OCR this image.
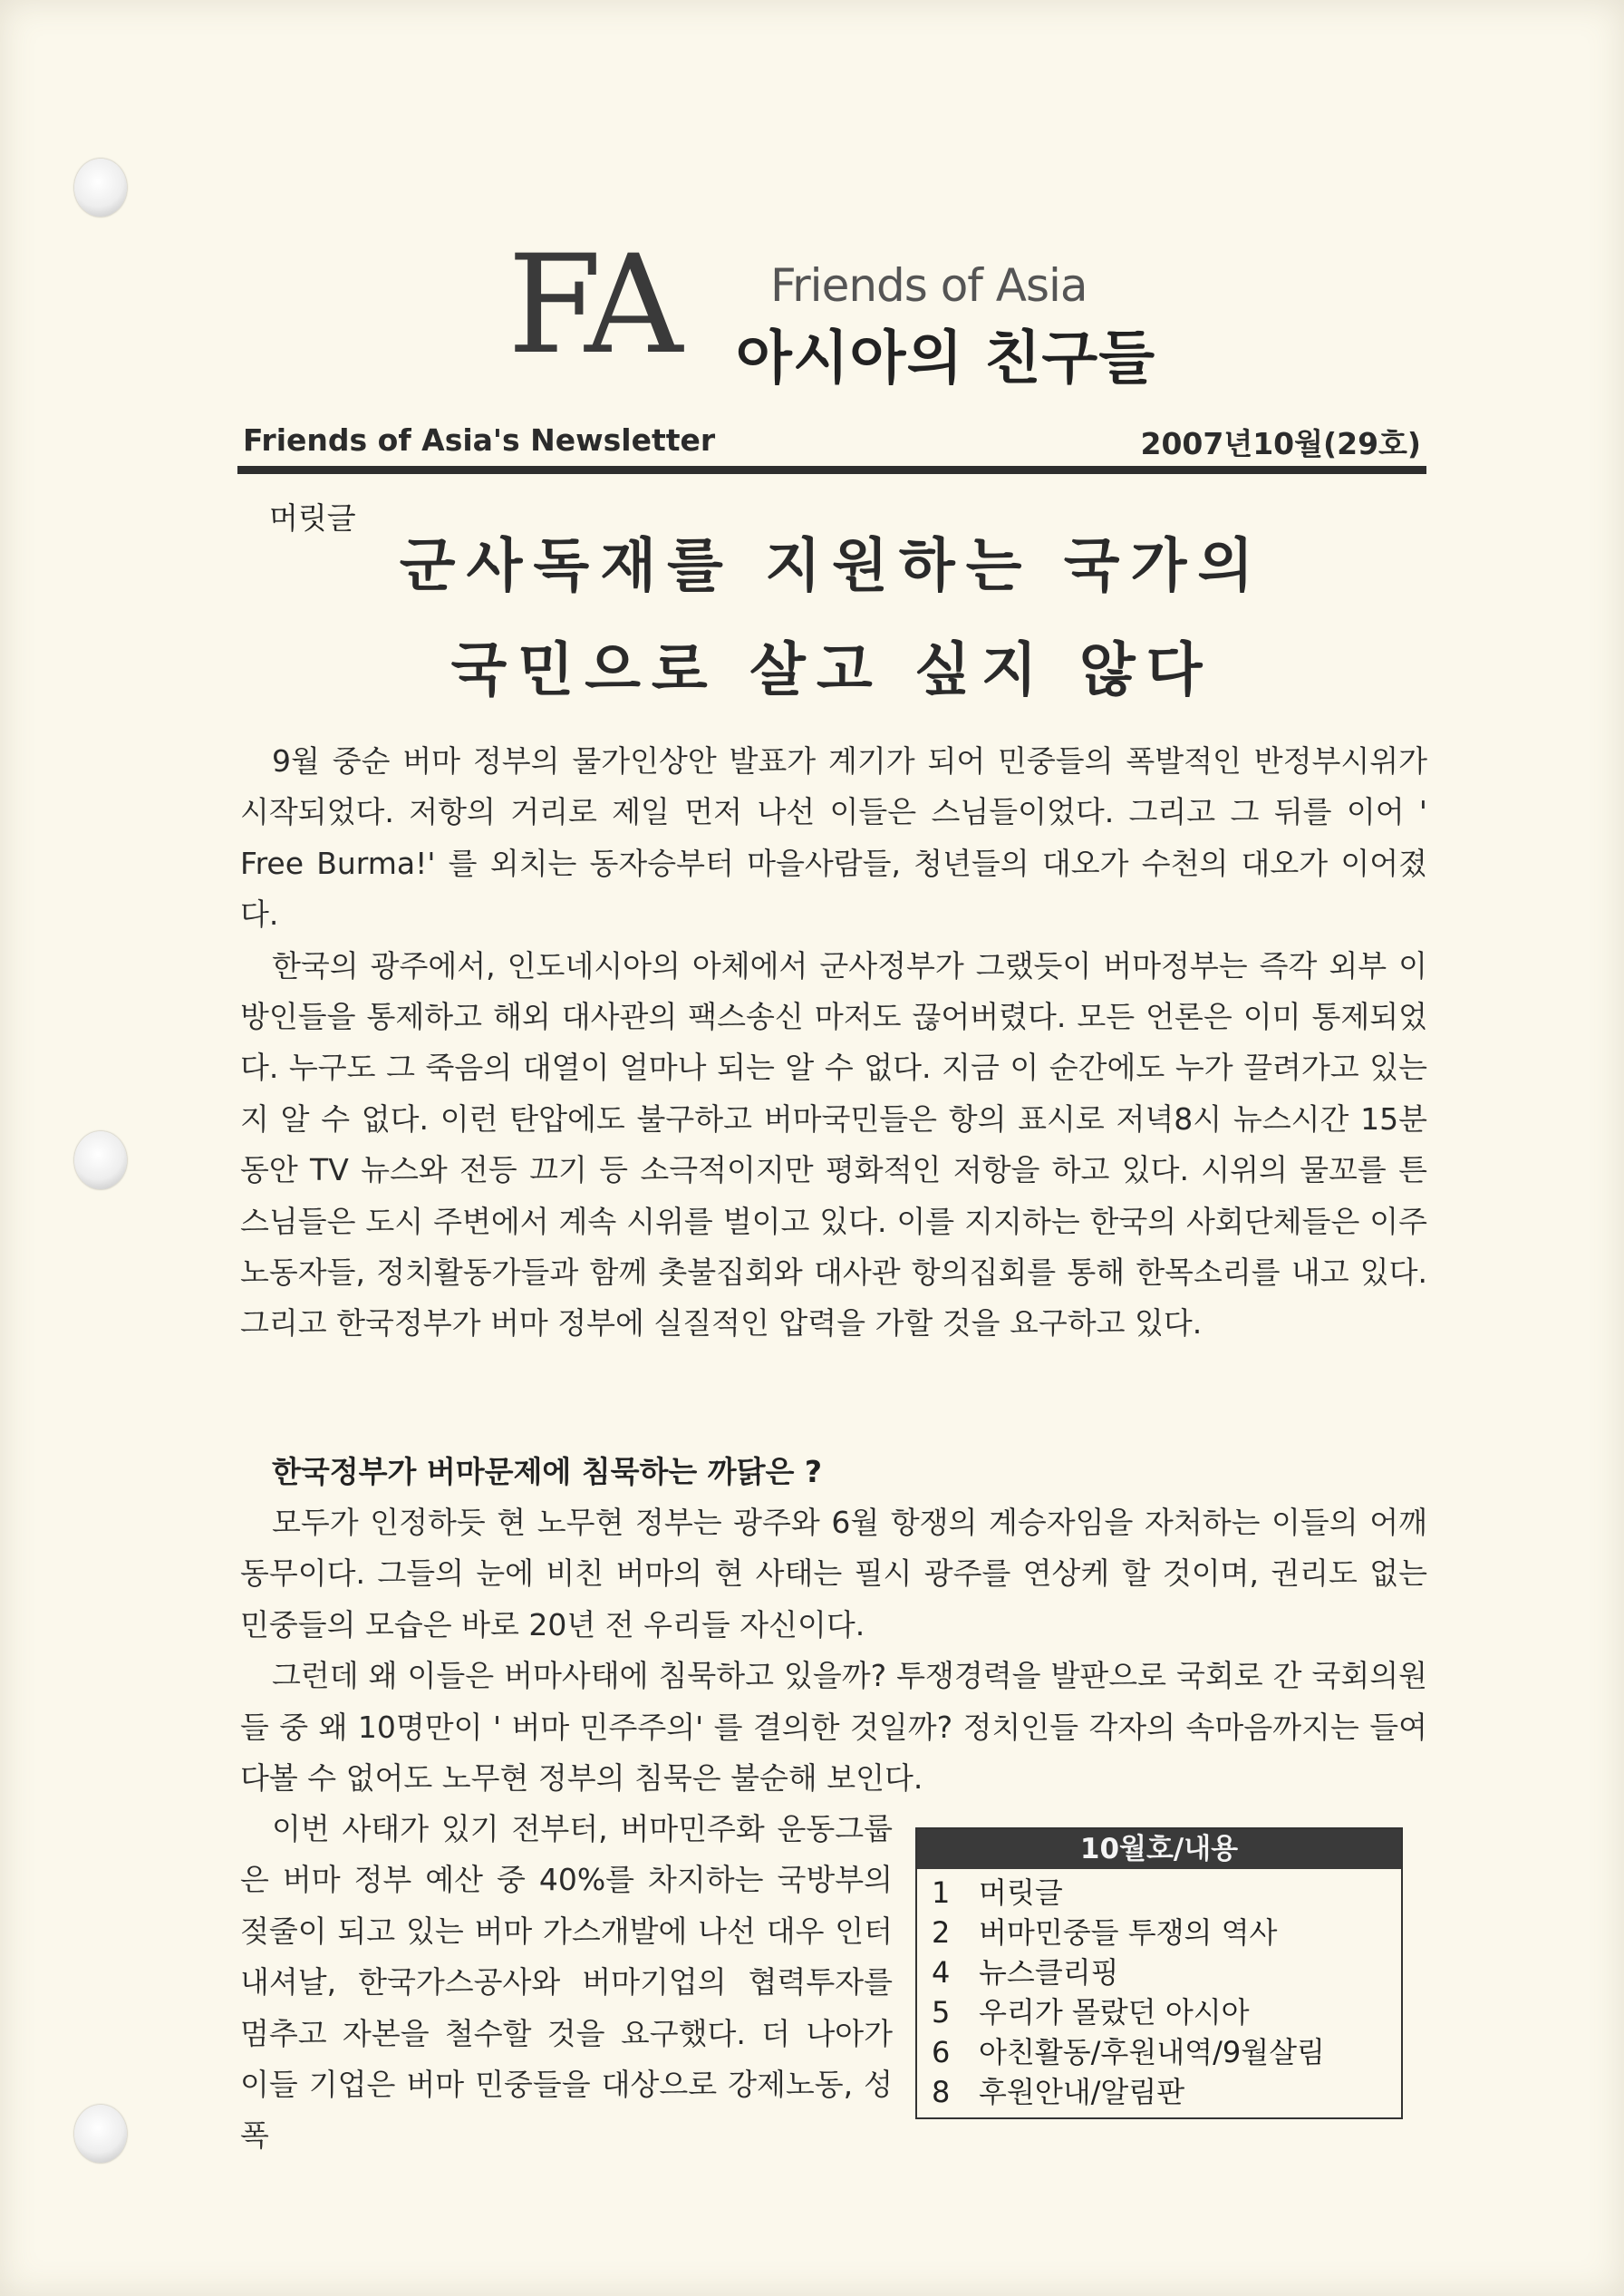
FA Friends of Asia
아시아의 친구들
Friends of Asia's Newsletter	2007년10월(29호)
머릿글
군사독재를 지원하는 국가의
국민으로 살고 싶지 않다

9월 중순 버마 정부의 물가인상안 발표가 계기가 되어 민중들의 폭발적인 반정부시위가 시작되었다. 저항의 거리로 제일 먼저 나선 이들은 스님들이었다. 그리고 그 뒤를 이어 ' Free Burma!' 를 외치는 동자승부터 마을사람들, 청년들의 대오가 수천의 대오가 이어졌다.

한국의 광주에서, 인도네시아의 아체에서 군사정부가 그랬듯이 버마정부는 즉각 외부 이방인들을 통제하고 해외 대사관의 팩스송신 마저도 끊어버렸다. 모든 언론은 이미 통제되었다. 누구도 그 죽음의 대열이 얼마나 되는 알 수 없다. 지금 이 순간에도 누가 끌려가고 있는 지 알 수 없다. 이런 탄압에도 불구하고 버마국민들은 항의 표시로 저녁8시 뉴스시간 15분 동안 TV 뉴스와 전등 끄기 등 소극적이지만 평화적인 저항을 하고 있다. 시위의 물꼬를 튼 스님들은 도시 주변에서 계속 시위를 벌이고 있다. 이를 지지하는 한국의 사회단체들은 이주노동자들, 정치활동가들과 함께 촛불집회와 대사관 항의집회를 통해 한목소리를 내고 있다. 그리고 한국정부가 버마 정부에 실질적인 압력을 가할 것을 요구하고 있다.

한국정부가 버마문제에 침묵하는 까닭은 ?

모두가 인정하듯 현 노무현 정부는 광주와 6월 항쟁의 계승자임을 자처하는 이들의 어깨동무이다. 그들의 눈에 비친 버마의 현 사태는 필시 광주를 연상케 할 것이며, 권리도 없는 민중들의 모습은 바로 20년 전 우리들 자신이다.

그런데 왜 이들은 버마사태에 침묵하고 있을까? 투쟁경력을 발판으로 국회로 간 국회의원들 중 왜 10명만이 ' 버마 민주주의' 를 결의한 것일까? 정치인들 각자의 속마음까지는 들여다볼 수 없어도 노무현 정부의 침묵은 불순해 보인다.

이번 사태가 있기 전부터, 버마민주화 운동그룹은 버마 정부 예산 중 40%를 차지하는 국방부의 젖줄이 되고 있는 버마 가스개발에 나선 대우 인터내셔날, 한국가스공사와 버마기업의 협력투자를 멈추고 자본을 철수할 것을 요구했다. 더 나아가 이들 기업은 버마 민중들을 대상으로 강제노동, 성폭

10월호/내용
1 머릿글
2 버마민중들 투쟁의 역사
4 뉴스클리핑
5 우리가 몰랐던 아시아
6 아친활동/후원내역/9월살림
8 후원안내/알림판
